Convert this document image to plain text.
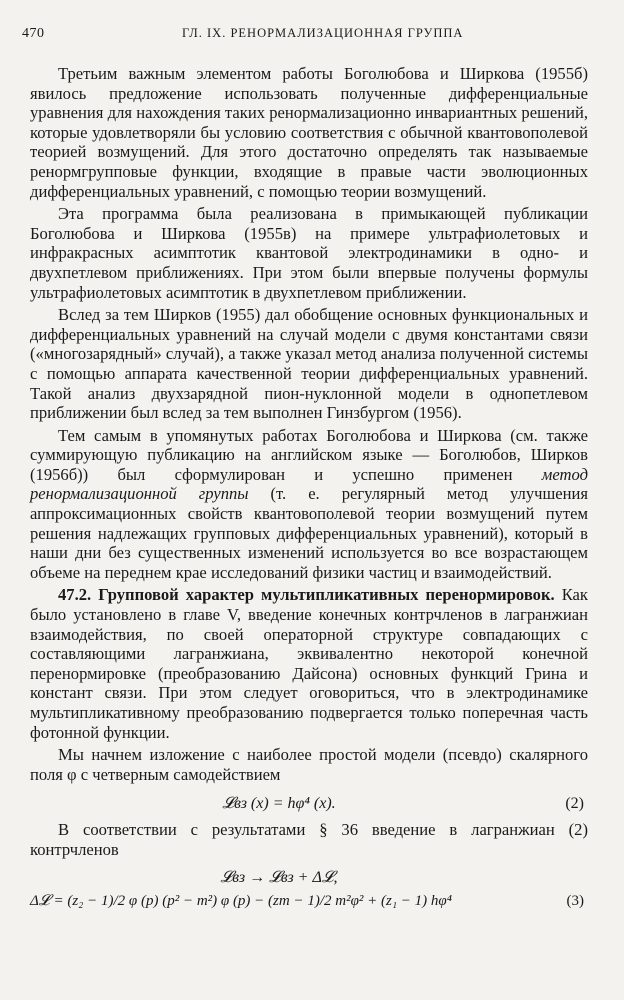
470	ГЛ. IX. РЕНОРМАЛИЗАЦИОННАЯ ГРУППА

Третьим важным элементом работы Боголюбова и Ширкова (1955б) явилось предложение использовать полученные дифференциальные уравнения для нахождения таких ренормализационно инвариантных решений, которые удовлетворяли бы условию соответствия с обычной квантовополевой теорией возмущений. Для этого достаточно определять так называемые ренормгрупповые функции, входящие в правые части эволюционных дифференциальных уравнений, с помощью теории возмущений.

Эта программа была реализована в примыкающей публикации Боголюбова и Ширкова (1955в) на примере ультрафиолетовых и инфракрасных асимптотик квантовой электродинамики в одно- и двухпетлевом приближениях. При этом были впервые получены формулы ультрафиолетовых асимптотик в двухпетлевом приближении.

Вслед за тем Ширков (1955) дал обобщение основных функциональных и дифференциальных уравнений на случай модели с двумя константами связи («многозарядный» случай), а также указал метод анализа полученной системы с помощью аппарата качественной теории дифференциальных уравнений. Такой анализ двухзарядной пион-нуклонной модели в однопетлевом приближении был вслед за тем выполнен Гинзбургом (1956).

Тем самым в упомянутых работах Боголюбова и Ширкова (см. также суммирующую публикацию на английском языке — Боголюбов, Ширков (1956б)) был сформулирован и успешно применен метод ренормализационной группы (т. е. регулярный метод улучшения аппроксимационных свойств квантовополевой теории возмущений путем решения надлежащих групповых дифференциальных уравнений), который в наши дни без существенных изменений используется во все возрастающем объеме на переднем крае исследований физики частиц и взаимодействий.

47.2. Групповой характер мультипликативных перенормировок. Как было установлено в главе V, введение конечных контрчленов в лагранжиан взаимодействия, по своей операторной структуре совпадающих с составляющими лагранжиана, эквивалентно некоторой конечной перенормировке (преобразованию Дайсона) основных функций Грина и констант связи. При этом следует оговориться, что в электродинамике мультипликативному преобразованию подвергается только поперечная часть фотонной функции.

Мы начнем изложение с наиболее простой модели (псевдо) скалярного поля φ с четверным самодействием

𝓛вз (x) = hφ⁴ (x).	(2)

В соответствии с результатами § 36 введение в лагранжиан (2) контрчленов

𝓛вз → 𝓛вз + Δ𝓛,
Δ𝓛 = (z₂ − 1)/2 φ (p) (p² − m²) φ (p) − (zm − 1)/2 m²φ² + (z₁ − 1) hφ⁴	(3)
